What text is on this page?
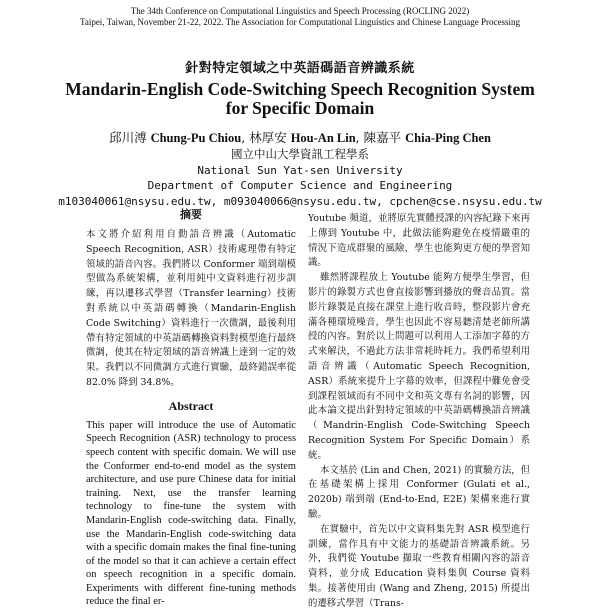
The 34th Conference on Computational Linguistics and Speech Processing (ROCLING 2022)
Taipei, Taiwan, November 21-22, 2022. The Association for Computational Linguistics and Chinese Language Processing
針對特定領域之中英語碼語音辨識系統
Mandarin-English Code-Switching Speech Recognition System
for Specific Domain
邱川溥 Chung-Pu Chiou, 林厚安 Hou-An Lin, 陳嘉平 Chia-Ping Chen
國立中山大學資訊工程學系
National Sun Yat-sen University
Department of Computer Science and Engineering
m103040061@nsysu.edu.tw, m093040066@nsysu.edu.tw, cpchen@cse.nsysu.edu.tw
摘要

本文將介紹利用自動語音辨識（Automatic Speech Recognition, ASR）技術處理帶有特定領域的語音內容。我們將以 Conformer 端到端模型做為系統架構，並利用純中文資料進行初步訓練，再以遷移式學習（Transfer learning）技術對系統以中英語碼轉換（Mandarin-English Code Switching）資料進行一次微調，最後利用帶有特定領域的中英語碼轉換資料對模型進行最終微調，使其在特定領域的語音辨識上達到一定的效果。我們以不同微調方式進行實驗，最終錯誤率從 82.0% 降到 34.8%。

Abstract

This paper will introduce the use of Automatic Speech Recognition (ASR) technology to process speech content with specific domain. We will use the Conformer end-to-end model as the system architecture, and use pure Chinese data for initial training. Next, use the transfer learning technology to fine-tune the system with Mandarin-English code-switching data. Finally, use the Mandarin-English code-switching data with a specific domain makes the final fine-tuning of the model so that it can achieve a certain effect on speech recognition in a specific domain. Experiments with different fine-tuning methods reduce the final er-

Youtube 頻道，並將原先實體授課的內容紀錄下來再上傳到 Youtube 中，此做法能夠避免在疫情嚴重的情況下造成群聚的風險，學生也能夠更方便的學習知識。

雖然將課程放上 Youtube 能夠方便學生學習，但影片的錄製方式也會直接影響到播放的聲音品質。當影片錄製是直接在課堂上進行收音時，整段影片會充滿各種環境噪音，學生也因此不容易聽清楚老師所講授的內容。對於以上問題可以利用人工添加字幕的方式來解決，不過此方法非常耗時耗力。我們希望利用語音辨識（Automatic Speech Recognition, ASR）系統來提升上字幕的效率，但課程中難免會受到課程領域而有不同中文和英文專有名詞的影響，因此本論文提出針對特定領域的中英語碼轉換語音辨識（Mandrin-English Code-Switching Speech Recognition System For Specific Domain）系統。

本文基於 (Lin and Chen, 2021) 的實驗方法，但在基礎架構上採用 Conformer (Gulati et al., 2020b) 端到端 (End-to-End, E2E) 架構來進行實驗。

在實驗中，首先以中文資料集先對 ASR 模型進行訓練，當作具有中文能力的基礎語音辨識系統。另外，我們從 Youtube 擷取一些教育相關內容的語音資料，並分成 Education 資料集與 Course 資料集。接著使用由 (Wang and Zheng, 2015) 所提出的遷移式學習（Trans-
